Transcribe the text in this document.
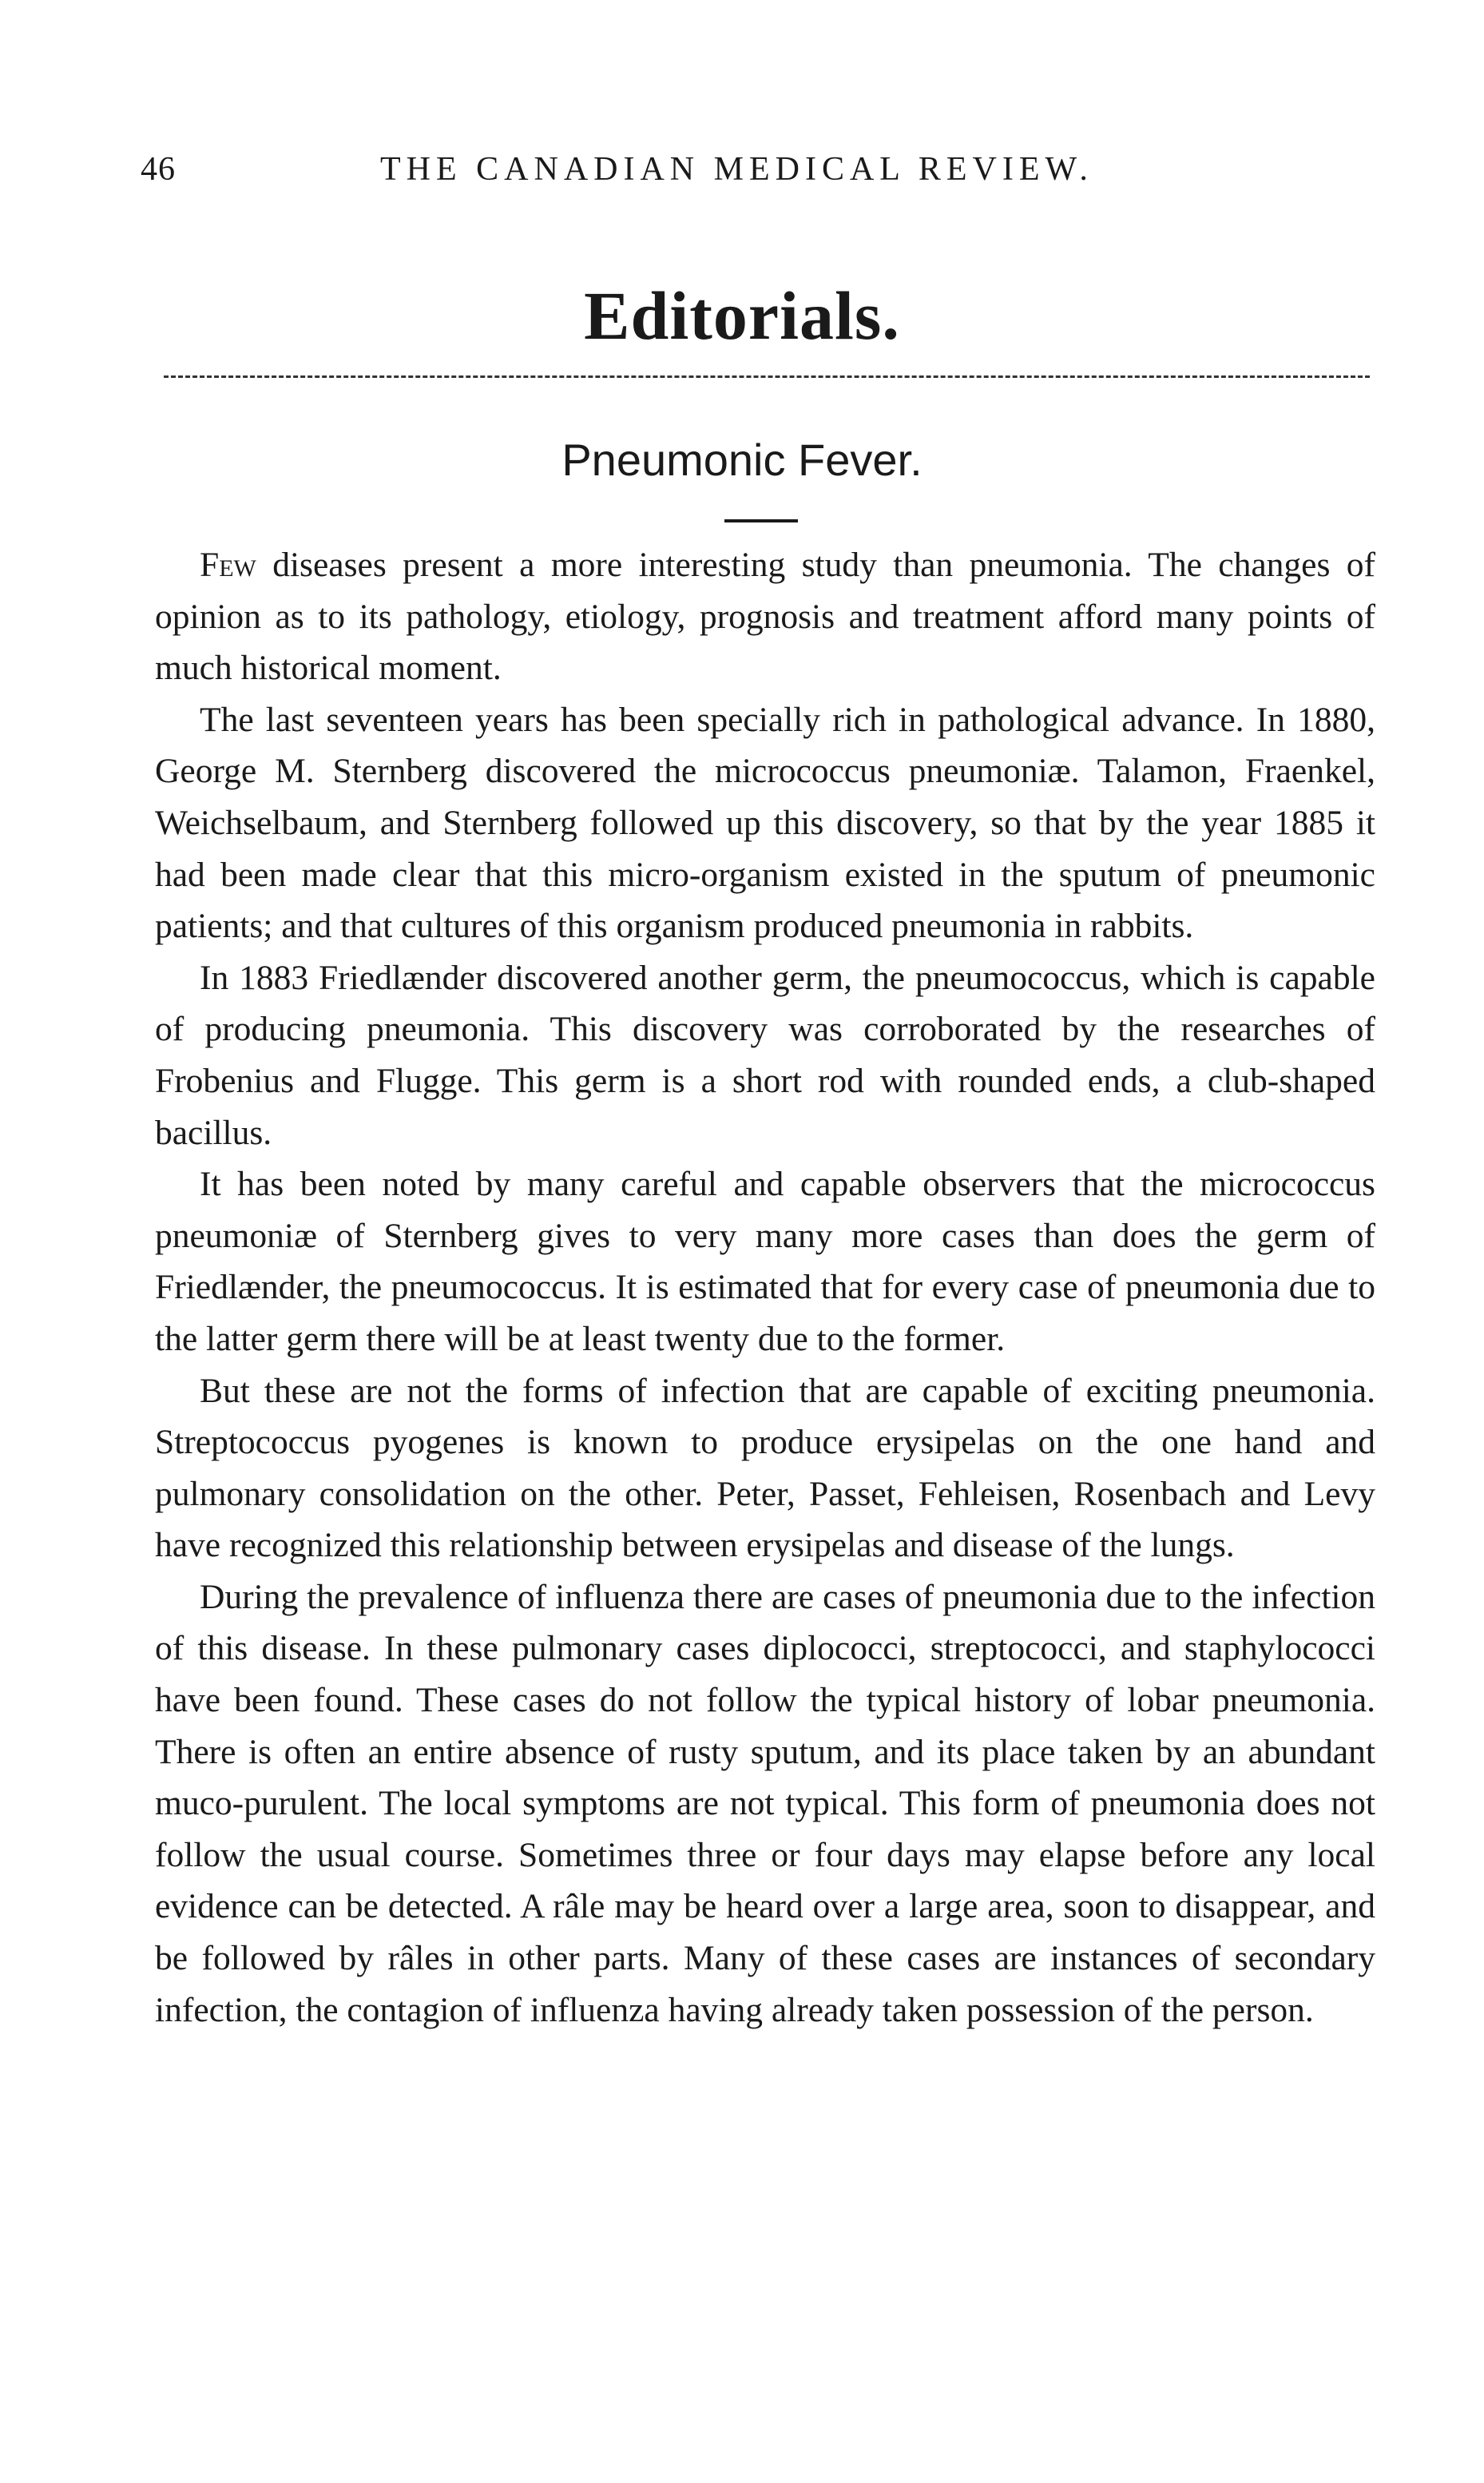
46	THE CANADIAN MEDICAL REVIEW.
Editorials.
Pneumonic Fever.

Few diseases present a more interesting study than pneumonia. The changes of opinion as to its pathology, etiology, prognosis and treatment afford many points of much historical moment.

The last seventeen years has been specially rich in pathological advance. In 1880, George M. Sternberg discovered the micrococcus pneumoniæ. Talamon, Fraenkel, Weichselbaum, and Sternberg followed up this discovery, so that by the year 1885 it had been made clear that this micro-organism existed in the sputum of pneumonic patients; and that cultures of this organism produced pneumonia in rabbits.

In 1883 Friedlænder discovered another germ, the pneumococcus, which is capable of producing pneumonia. This discovery was corroborated by the researches of Frobenius and Flugge. This germ is a short rod with rounded ends, a club-shaped bacillus.

It has been noted by many careful and capable observers that the micrococcus pneumoniæ of Sternberg gives to very many more cases than does the germ of Friedlænder, the pneumococcus. It is estimated that for every case of pneumonia due to the latter germ there will be at least twenty due to the former.

But these are not the forms of infection that are capable of exciting pneumonia. Streptococcus pyogenes is known to produce erysipelas on the one hand and pulmonary consolidation on the other. Peter, Passet, Fehleisen, Rosenbach and Levy have recognized this relationship between erysipelas and disease of the lungs.

During the prevalence of influenza there are cases of pneumonia due to the infection of this disease. In these pulmonary cases diplococci, streptococci, and staphylococci have been found. These cases do not follow the typical history of lobar pneumonia. There is often an entire absence of rusty sputum, and its place taken by an abundant muco-purulent. The local symptoms are not typical. This form of pneumonia does not follow the usual course. Sometimes three or four days may elapse before any local evidence can be detected. A râle may be heard over a large area, soon to disappear, and be followed by râles in other parts. Many of these cases are instances of secondary infection, the contagion of influenza having already taken possession of the person.
